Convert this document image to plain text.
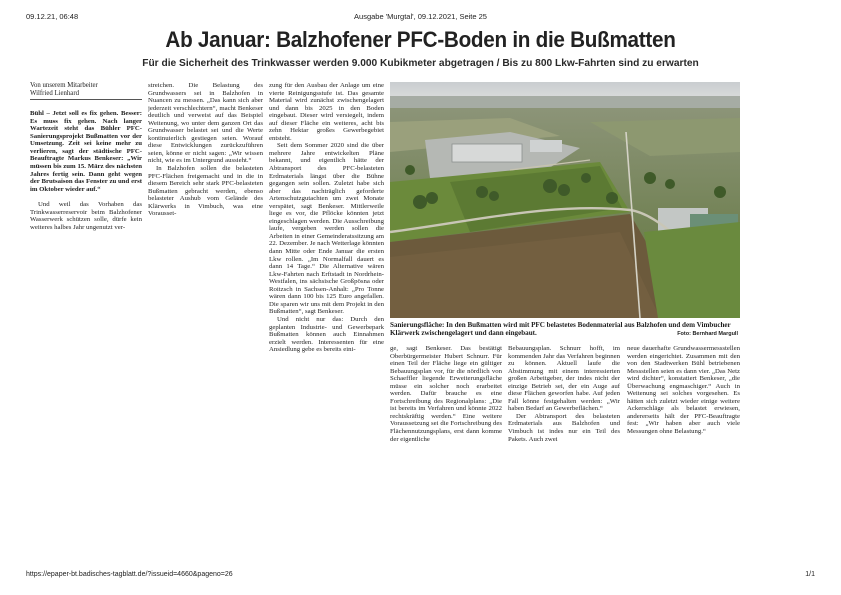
09.12.21, 06:48	Ausgabe 'Murgtal', 09.12.2021, Seite 25
Ab Januar: Balzhofener PFC-Boden in die Bußmatten
Für die Sicherheit des Trinkwasser werden 9.000 Kubikmeter abgetragen / Bis zu 800 Lkw-Fahrten sind zu erwarten
Von unserem Mitarbeiter
Wilfried Lienhard

Bühl – Jetzt soll es fix gehen. Besser: Es muss fix gehen. Nach langer Wartezeit steht das Bühler PFC-Sanierungsprojekt Bußmatten vor der Umsetzung. Zeit sei keine mehr zu verlieren, sagt der städtische PFC-Beauftragte Markus Benkeser: „Wir müssen bis zum 15. März des nächsten Jahres fertig sein. Dann geht wegen der Brutsaison das Fenster zu und erst im Oktober wieder auf.“

Und weil das Vorhaben das Trinkwasserreservoir beim Balzhofener Wasserwerk schützen solle, dürfe kein weiteres halbes Jahr ungenutzt ver-

streichen. Die Belastung des Grundwassers sei in Balzhofen in Nuancen zu messen. „Das kann sich aber jederzeit verschlechtern“, macht Benkeser deutlich und verweist auf das Beispiel Weitenung, wo unter dem ganzen Ort das Grundwasser belastet sei und die Werte kontinuierlich gestiegen seien. Worauf diese Entwicklungen zurückzuführen seien, könne er nicht sagen: „Wir wissen nicht, wie es im Untergrund aussieht.“

In Balzhofen sollen die belasteten PFC-Flächen freigemacht und in die in diesem Bereich sehr stark PFC-belasteten Bußmatten gebracht werden, ebenso belasteter Aushub vom Gelände des Klärwerks in Vimbuch, was eine Vorausset-

zung für den Ausbau der Anlage um eine vierte Reinigungsstufe ist. Das gesamte Material wird zunächst zwischengelagert und dann bis 2025 in den Boden eingebaut. Dieser wird versiegelt, indem auf dieser Fläche ein weiteres, acht bis zehn Hektar großes Gewerbegebiet entsteht.

Seit dem Sommer 2020 sind die über mehrere Jahre entwickelten Pläne bekannt, und eigentlich hätte der Abtransport des PFC-belasteten Erdmaterials längst über die Bühne gegangen sein sollen. Zuletzt habe sich aber das nachträglich geforderte Artenschutzgutachten um zwei Monate verspätet, sagt Benkeser. Mittlerweile liege es vor, die Pflöcke könnten jetzt eingeschlagen werden. Die Ausschreibung laufe, vergeben werden sollen die Arbeiten in einer Gemeinderatssitzung am 22. Dezember. Je nach Wetterlage könnten dann Mitte oder Ende Januar die ersten Lkw rollen. „Im Normalfall dauert es dann 14 Tage.“ Die Alternative wären Lkw-Fahrten nach Erftstadt in Nordrhein-Westfalen, ins sächsische Großpösna oder Roitzsch in Sachsen-Anhalt: „Pro Tonne wären dann 100 bis 125 Euro angefallen. Die sparen wir uns mit dem Projekt in den Bußmatten“, sagt Benkeser.

Und nicht nur das: Durch den geplanten Industrie- und Gewerbepark Bußmatten können auch Einnahmen erzielt werden. Interessenten für eine Ansiedlung gebe es bereits eini-

Sanierungsfläche: In den Bußmatten wird mit PFC belastetes Bodenmaterial aus Balzhofen und dem Vimbucher Klärwerk zwischengelagert und dann eingebaut.	Foto: Bernhard Margull

ge, sagt Benkeser. Das bestätigt Oberbürgermeister Hubert Schnurr. Für einen Teil der Fläche liege ein gültiger Bebauungsplan vor, für die nördlich von Schaeffler liegende Erweiterungsfläche müsse ein solcher noch erarbeitet werden. Dafür brauche es eine Fortschreibung des Regionalplans: „Die ist bereits im Verfahren und könnte 2022 rechtskräftig werden.“ Eine weitere Voraussetzung sei die Fortschreibung des Flächennutzungsplans, erst dann komme der eigentliche

Bebauungsplan. Schnurr hofft, im kommenden Jahr das Verfahren beginnen zu können. Aktuell laufe die Abstimmung mit einem interessierten großen Arbeitgeber, der indes nicht der einzige Betrieb sei, der ein Auge auf diese Flächen geworfen habe. Auf jeden Fall könne festgehalten werden: „Wir haben Bedarf an Gewerbeflächen.“

Der Abtransport des belasteten Erdmaterials aus Balzhofen und Vimbuch ist indes nur ein Teil des Pakets. Auch zwei

neue dauerhafte Grundwassermessstellen werden eingerichtet. Zusammen mit den von den Stadtwerken Bühl betriebenen Messstellen seien es dann vier. „Das Netz wird dichter“, konstatiert Benkeser, „die Überwachung engmaschiger.“ Auch in Weitenung sei solches vorgesehen. Es hätten sich zuletzt wieder einige weitere Ackerschläge als belastet erwiesen, andererseits hält der PFC-Beauftragte fest: „Wir haben aber auch viele Messungen ohne Belastung.“

https://epaper-bt.badisches-tagblatt.de/?issueid=4660&pageno=26	1/1
